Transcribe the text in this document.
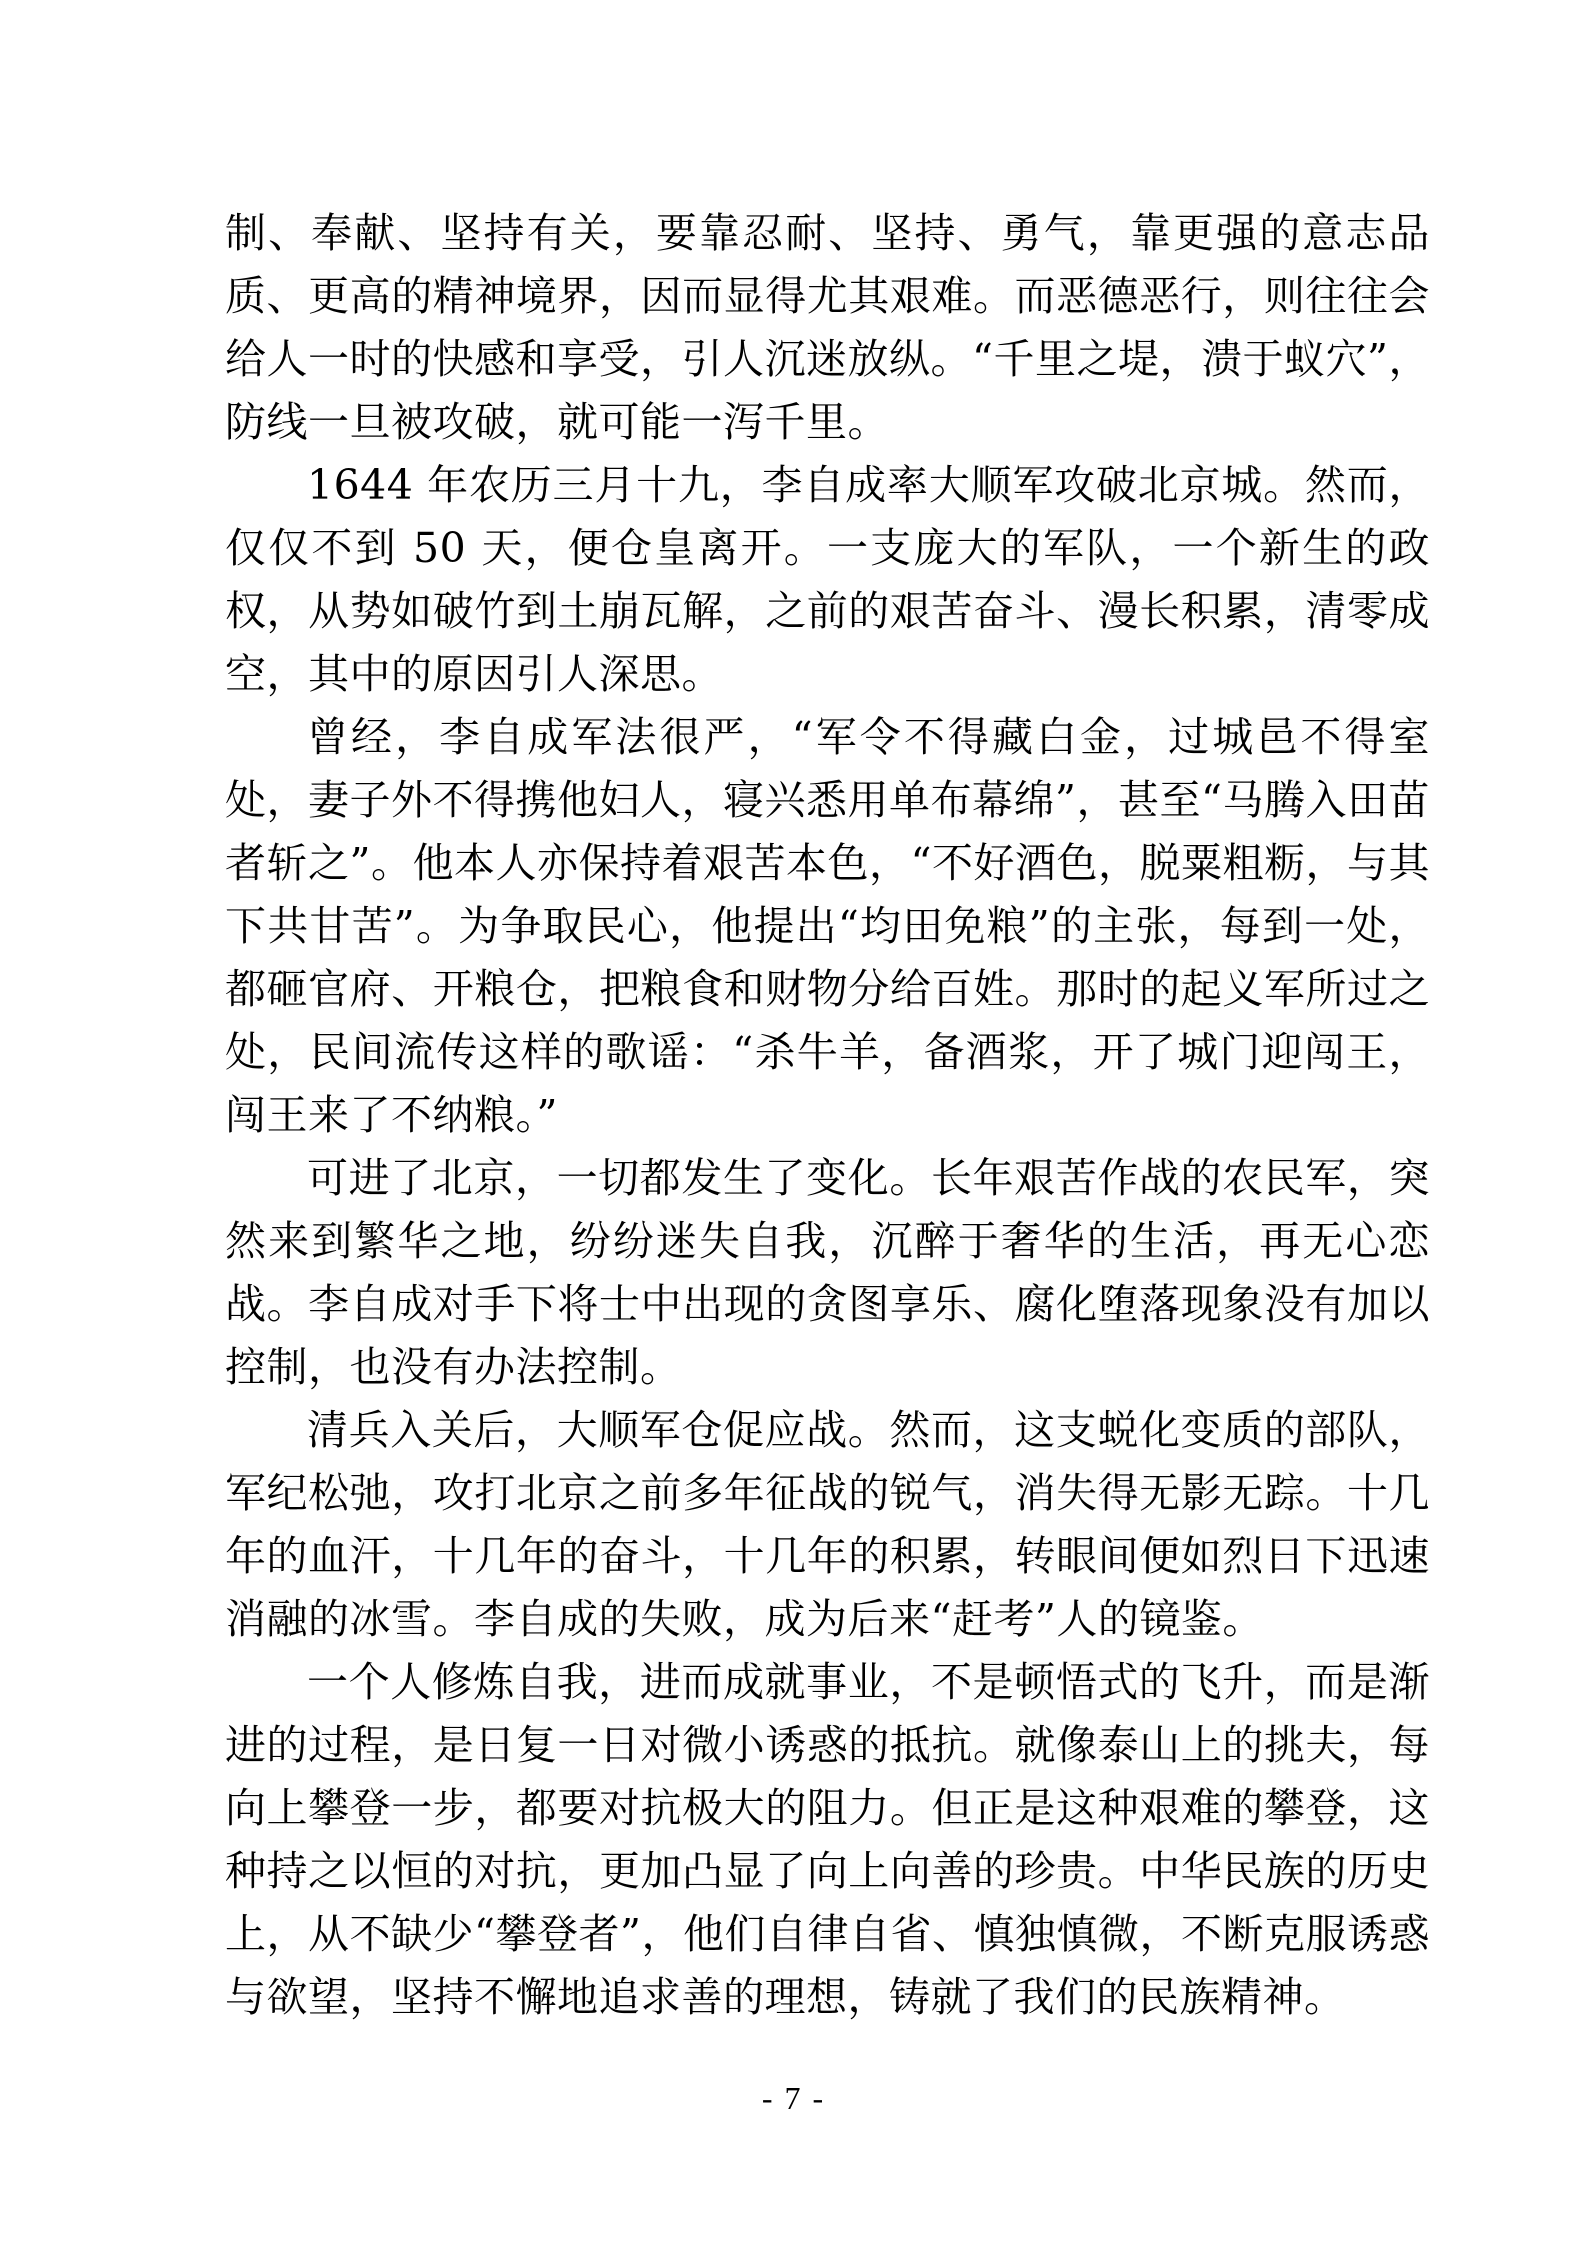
制、奉献、坚持有关，要靠忍耐、坚持、勇气，靠更强的意志品质、更高的精神境界，因而显得尤其艰难。而恶德恶行，则往往会给人一时的快感和享受，引人沉迷放纵。“千里之堤，溃于蚁穴”，防线一旦被攻破，就可能一泻千里。

1644 年农历三月十九，李自成率大顺军攻破北京城。然而，仅仅不到 50 天，便仓皇离开。一支庞大的军队，一个新生的政权，从势如破竹到土崩瓦解，之前的艰苦奋斗、漫长积累，清零成空，其中的原因引人深思。

曾经，李自成军法很严，“军令不得藏白金，过城邑不得室处，妻子外不得携他妇人，寝兴悉用单布幕绵”，甚至“马腾入田苗者斩之”。他本人亦保持着艰苦本色，“不好酒色，脱粟粗粝，与其下共甘苦”。为争取民心，他提出“均田免粮”的主张，每到一处，都砸官府、开粮仓，把粮食和财物分给百姓。那时的起义军所过之处，民间流传这样的歌谣：“杀牛羊，备酒浆，开了城门迎闯王，闯王来了不纳粮。”

可进了北京，一切都发生了变化。长年艰苦作战的农民军，突然来到繁华之地，纷纷迷失自我，沉醉于奢华的生活，再无心恋战。李自成对手下将士中出现的贪图享乐、腐化堕落现象没有加以控制，也没有办法控制。

清兵入关后，大顺军仓促应战。然而，这支蜕化变质的部队，军纪松弛，攻打北京之前多年征战的锐气，消失得无影无踪。十几年的血汗，十几年的奋斗，十几年的积累，转眼间便如烈日下迅速消融的冰雪。李自成的失败，成为后来“赶考”人的镜鉴。

一个人修炼自我，进而成就事业，不是顿悟式的飞升，而是渐进的过程，是日复一日对微小诱惑的抵抗。就像泰山上的挑夫，每向上攀登一步，都要对抗极大的阻力。但正是这种艰难的攀登，这种持之以恒的对抗，更加凸显了向上向善的珍贵。中华民族的历史上，从不缺少“攀登者”，他们自律自省、慎独慎微，不断克服诱惑与欲望，坚持不懈地追求善的理想，铸就了我们的民族精神。

- 7 -
